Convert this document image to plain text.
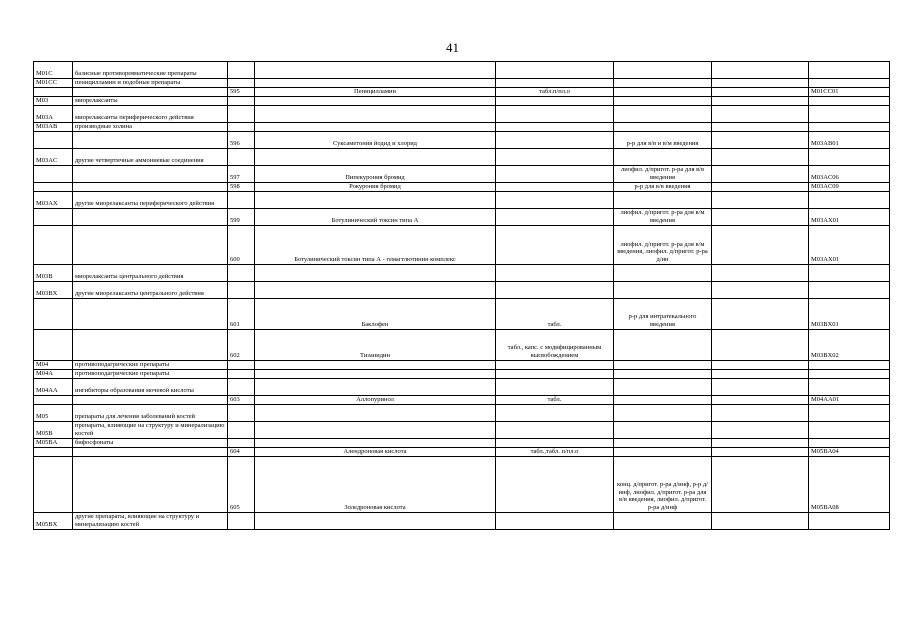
41
M01C	базисные противоревматические препараты						
M01CC	пеницилламин и подобные препараты						
		595	Пеницилламин	табл.п/пл.о			M01CC01
M03	миорелаксанты						
M03A	миорелаксанты периферического действия						
M03AB	производные холина						
		596	Суксаметония йодид и хлорид		р-р для в/в и в/м введения		M03AB01
M03AC	другие четвертичные аммониевые соединения						
		597	Пипекурония бромид		лиофил. д/пригот. р-ра для в/в введения		M03AC06
		598	Рокурония бромид		р-р для в/в введения		M03AC09
M03AX	другие миорелаксанты периферического действия						
		599	Ботулинический токсин типа А		лиофил. д/пригот. р-ра для в/м введения		M03AX01
		600	Ботулинический токсин типа А - гемагглютинин комплекс		лиофил. д/пригот. р-ра для в/м введения, лиофил. д/пригот. р-ра д/ин		M03AX01
M03B	миорелаксанты центрального действия						
M03BX	другие миорелаксанты центрального действия						
		601	Баклофен	табл.	р-р для интратекального введения		M03BX01
		602	Тизанидин	табл., капс. с модифицированным высвобождением			M03BX02
M04	противоподагрические препараты						
M04A	противоподагрические препараты						
M04AA	ингибиторы образования мочевой кислоты						
		603	Аллопуринол	табл.			M04AA01
M05	препараты для лечения заболеваний костей						
M05B	препараты, влияющие на структуру и минерализацию костей						
M05BA	бифосфонаты						
		604	Алендроновая кислота	табл.,табл. п/пл.о			M05BA04
		605	Золедроновая кислота		конц. д/пригот. р-ра д/инф, р-р д/инф, лиофил. д/пригот. р-ра для в/в введения, лиофил. д/пригот. р-ра д/инф		M05BA08
M05BX	другие препараты, влияющие на структуру и минерализацию костей						
